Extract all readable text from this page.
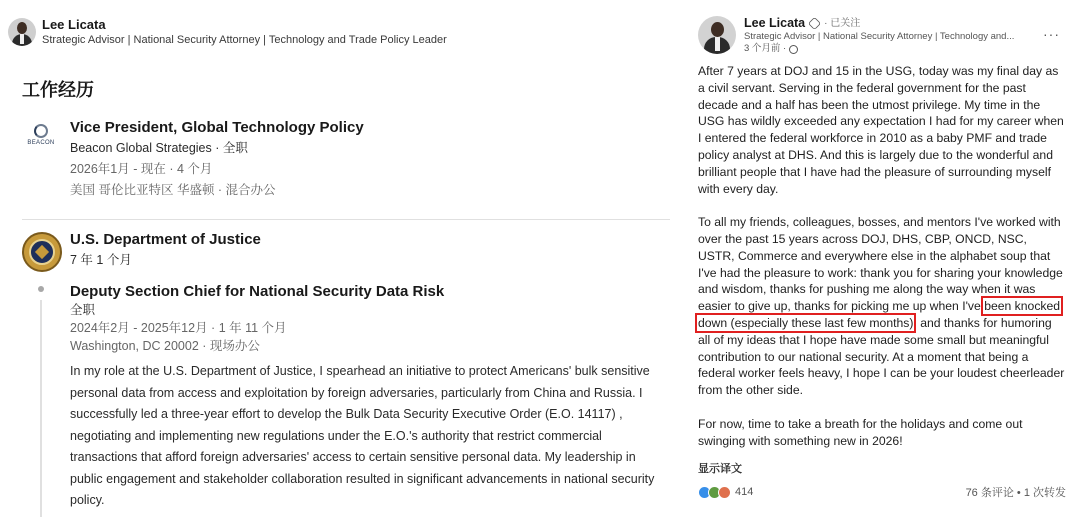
Lee Licata
Strategic Advisor | National Security Attorney | Technology and Trade Policy Leader
工作经历
BEACON
Vice President, Global Technology Policy
Beacon Global Strategies · 全职
2026年1月 - 现在 · 4 个月
美国 哥伦比亚特区 华盛顿 · 混合办公
U.S. Department of Justice
7 年 1 个月
Deputy Section Chief for National Security Data Risk
全职
2024年2月 - 2025年12月 · 1 年 11 个月
Washington, DC 20002 · 现场办公
In my role at the U.S. Department of Justice, I spearhead an initiative to protect Americans' bulk sensitive personal data from access and exploitation by foreign adversaries, particularly from China and Russia. I successfully led a three-year effort to develop the Bulk Data Security Executive Order (E.O. 14117) , negotiating and implementing new regulations under the E.O.'s authority that restrict commercial transactions that afford foreign adversaries' access to certain sensitive personal data. My leadership in public engagement and stakeholder collaboration resulted in significant advancements in national security policy.
Lee Licata · 已关注
Strategic Advisor | National Security Attorney | Technology and...
3 个月前 ·
···

After 7 years at DOJ and 15 in the USG, today was my final day as a civil servant. Serving in the federal government for the past decade and a half has been the utmost privilege. My time in the USG has wildly exceeded any expectation I had for my career when I entered the federal workforce in 2010 as a baby PMF and trade policy analyst at DHS. And this is largely due to the wonderful and brilliant people that I have had the pleasure of surrounding myself with every day.

To all my friends, colleagues, bosses, and mentors I've worked with over the past 15 years across DOJ, DHS, CBP, ONCD, NSC, USTR, Commerce and everywhere else in the alphabet soup that I've had the pleasure to work: thank you for sharing your knowledge and wisdom, thanks for pushing me along the way when it was easier to give up, thanks for picking me up when I've been knocked down (especially these last few months), and thanks for humoring all of my ideas that I hope have made some small but meaningful contribution to our national security. At a moment that being a federal worker feels heavy, I hope I can be your loudest cheerleader from the other side.

For now, time to take a breath for the holidays and come out swinging with something new in 2026!

显示译文
414	76 条评论 • 1 次转发
